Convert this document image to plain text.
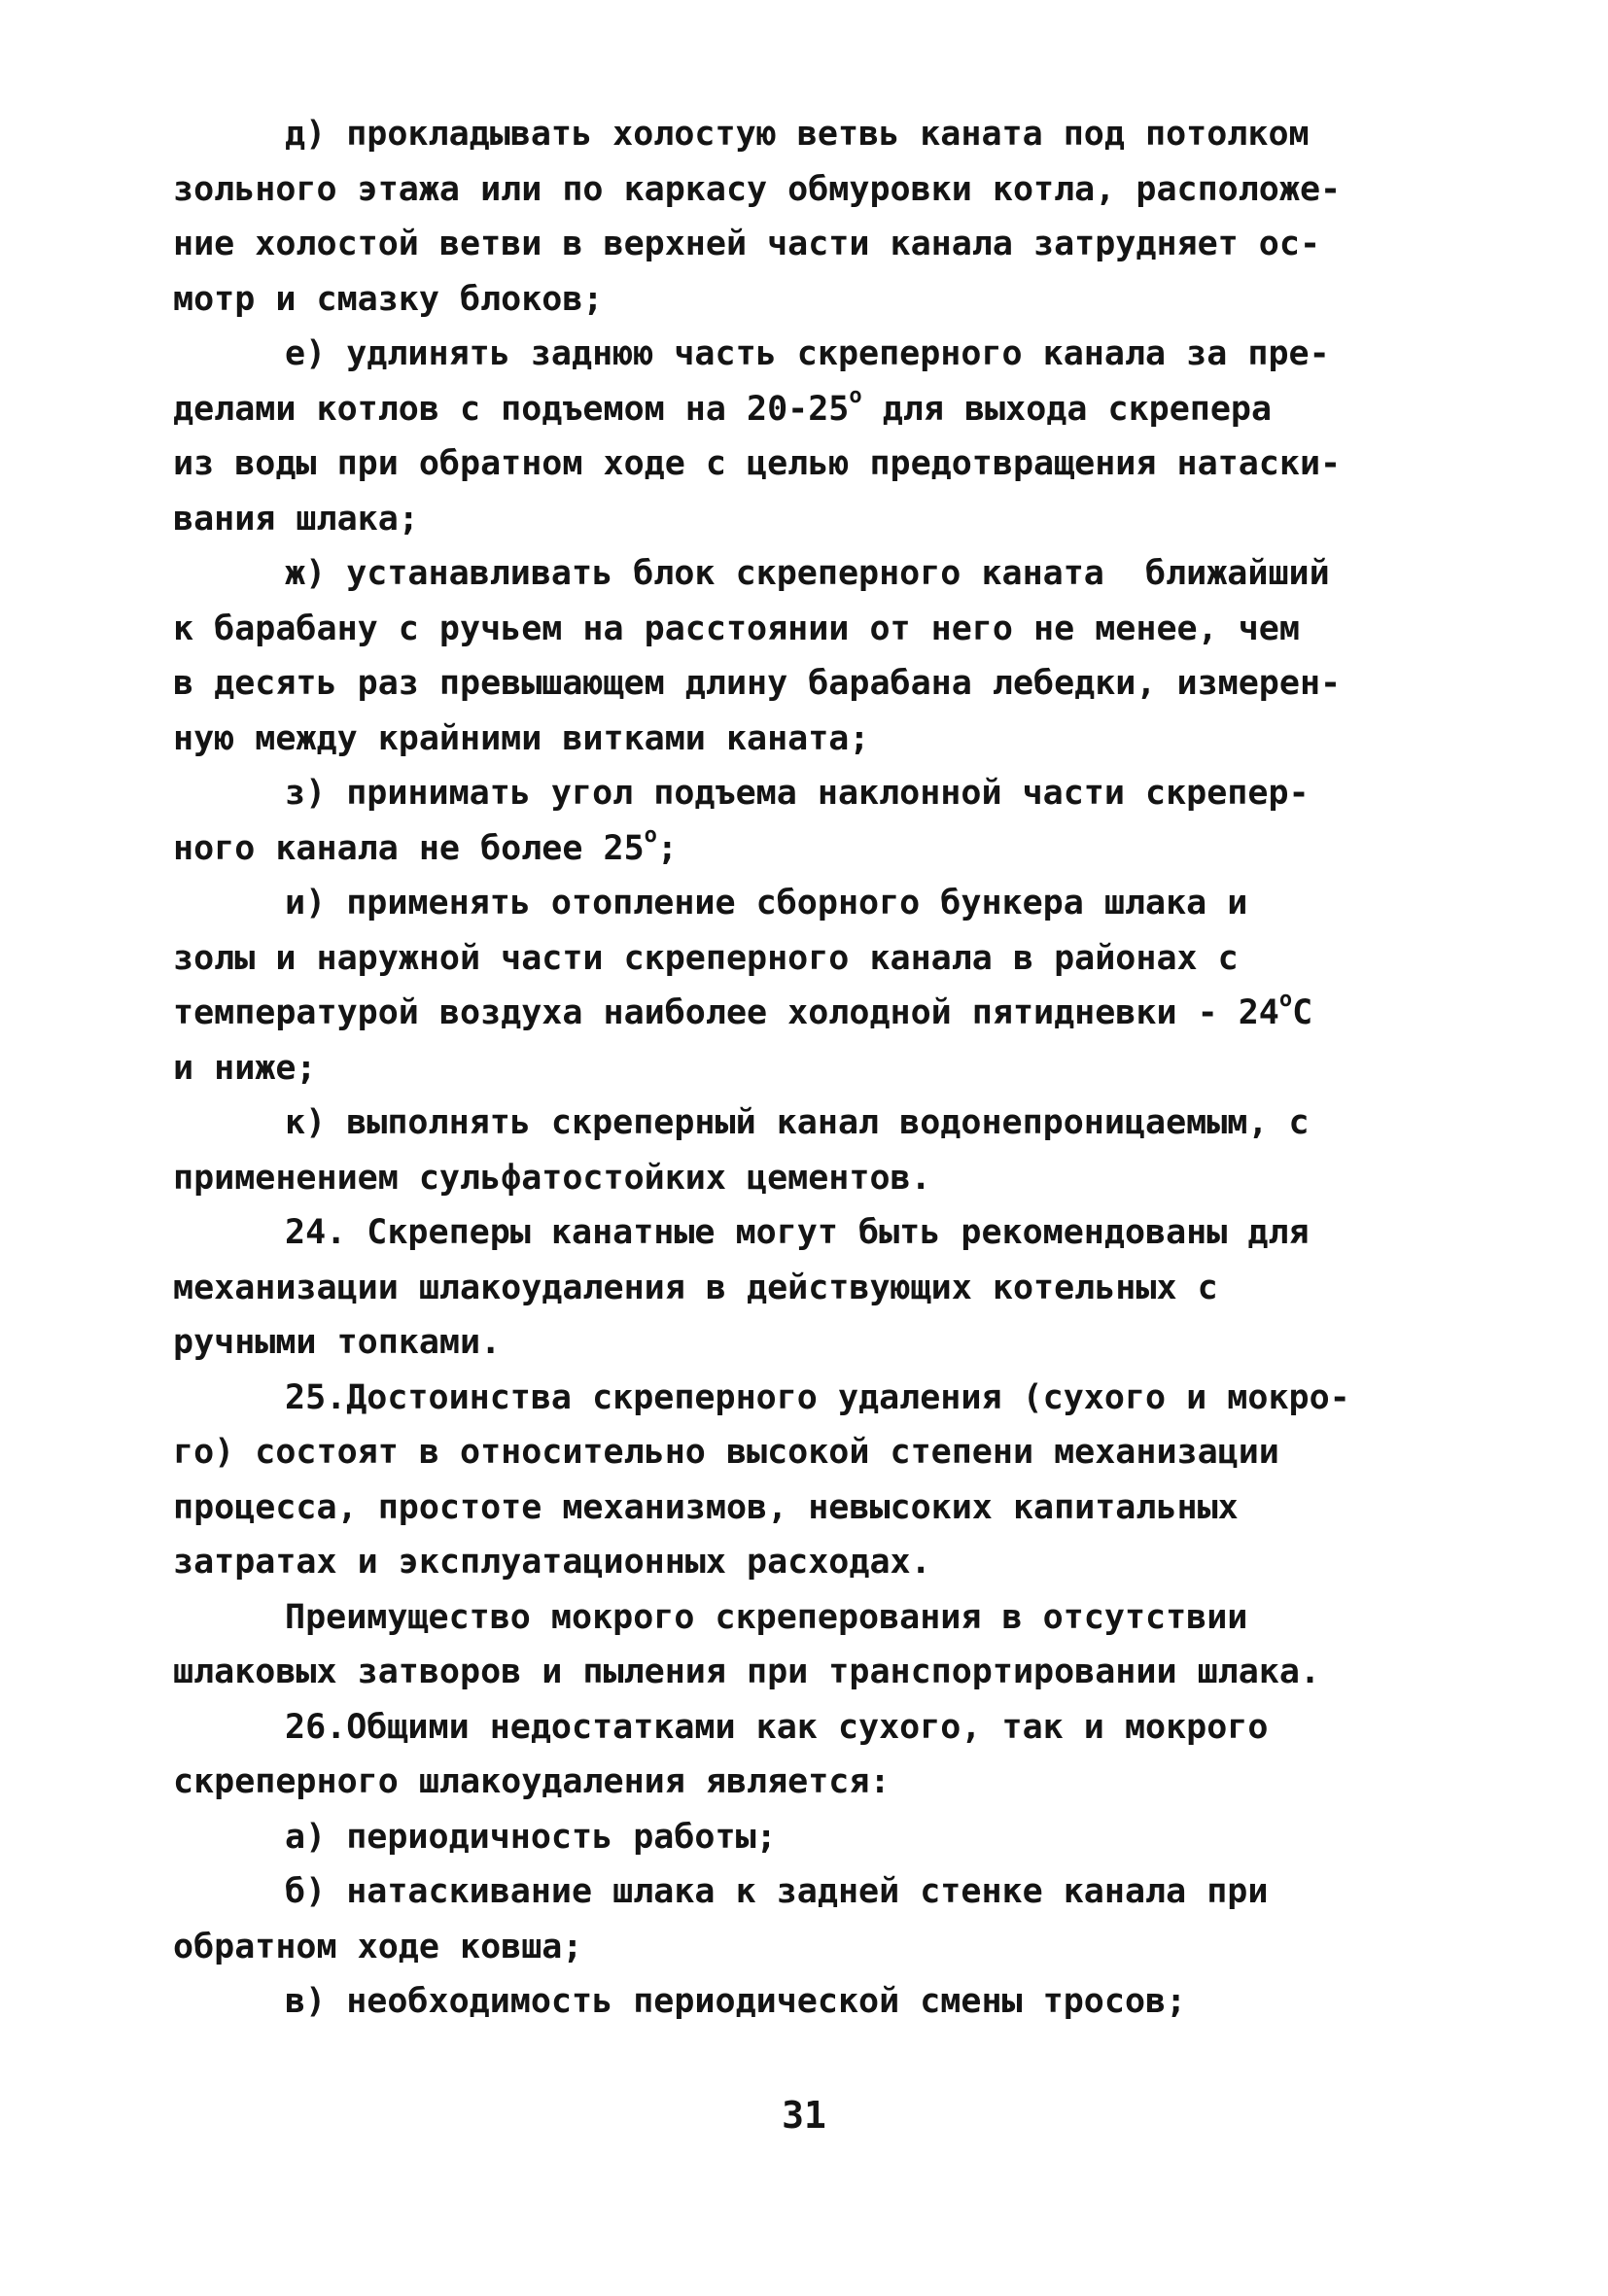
д) прокладывать холостую ветвь каната под потолком
зольного этажа или по каркасу обмуровки котла, расположе-
ние холостой ветви в верхней части канала затрудняет ос-
мотр и смазку блоков;
е) удлинять заднюю часть скреперного канала за пре-
делами котлов с подъемом на 20-25$^o$ для выхода скрепера
из воды при обратном ходе с целью предотвращения натаски-
вания шлака;
ж) устанавливать блок скреперного каната  ближайший
к барабану с ручьем на расстоянии от него не менее, чем
в десять раз превышающем длину барабана лебедки, измерен-
ную между крайними витками каната;
з) принимать угол подъема наклонной части скрепер-
ного канала не более 25$^o$;
и) применять отопление сборного бункера шлака и
золы и наружной части скреперного канала в районах с
температурой воздуха наиболее холодной пятидневки - 24$^o$C
и ниже;
к) выполнять скреперный канал водонепроницаемым, с
применением сульфатостойких цементов.
24. Скреперы канатные могут быть рекомендованы для
механизации шлакоудаления в действующих котельных с
ручными топками.
25.Достоинства скреперного удаления (сухого и мокро-
го) состоят в относительно высокой степени механизации
процесса, простоте механизмов, невысоких капитальных
затратах и эксплуатационных расходах.
Преимущество мокрого скреперования в отсутствии
шлаковых затворов и пыления при транспортировании шлака.
26.Общими недостатками как сухого, так и мокрого
скреперного шлакоудаления является:
а) периодичность работы;
б) натаскивание шлака к задней стенке канала при
обратном ходе ковша;
в) необходимость периодической смены тросов;
31
